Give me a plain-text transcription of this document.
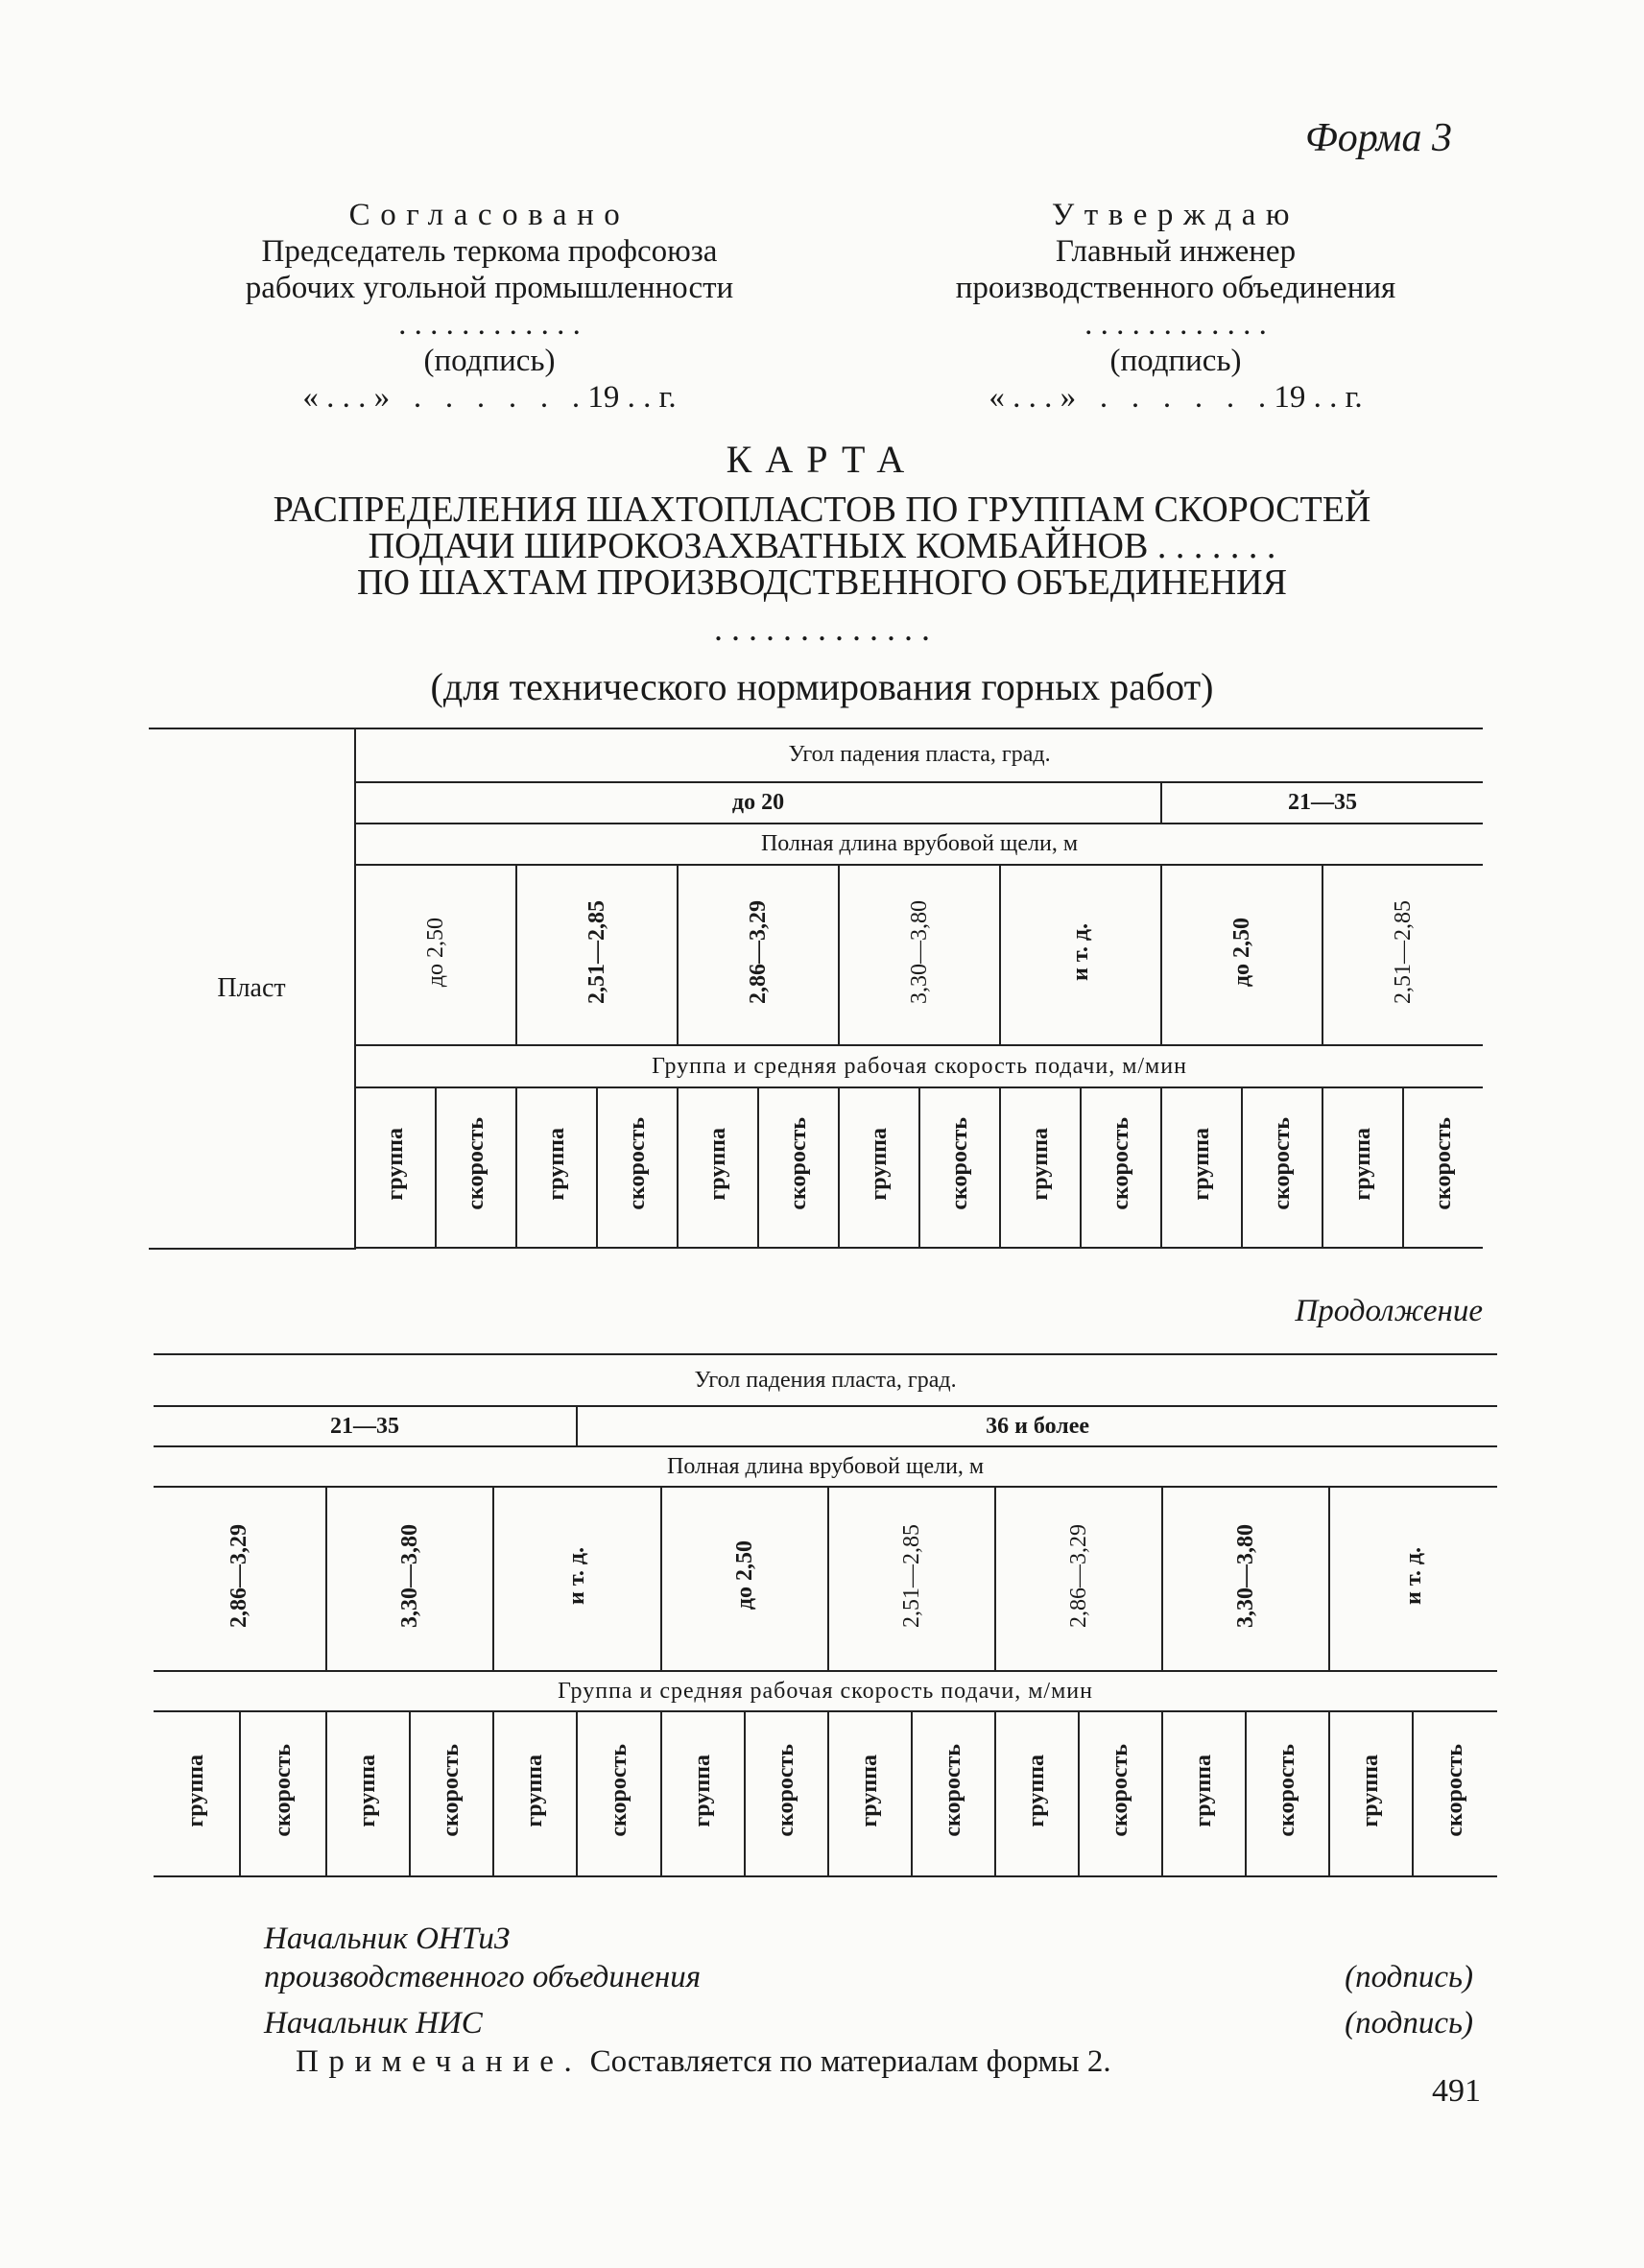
Форма 3
Согласовано
Председатель теркома профсоюза
рабочих угольной промышленности
. . . . . . . . . . . .
(подпись)
« . . . »   .   .   .   .   .   . 19 . . г.
Утверждаю
Главный инженер
производственного объединения
. . . . . . . . . . . .
(подпись)
« . . . »   .   .   .   .   .   . 19 . . г.
КАРТА
РАСПРЕДЕЛЕНИЯ ШАХТОПЛАСТОВ ПО ГРУППАМ СКОРОСТЕЙ
ПОДАЧИ ШИРОКОЗАХВАТНЫХ КОМБАЙНОВ . . . . . . .
ПО ШАХТАМ ПРОИЗВОДСТВЕННОГО ОБЪЕДИНЕНИЯ
. . . . . . . . . . . . .
(для технического нормирования горных работ)
Пласт	Угол падения пласта, град.													
	до 20										21—35			
	Полная длина врубовой щели, м													
	до 2,50		2,51—2,85		2,86—3,29		3,30—3,80		и т. д.		до 2,50		2,51—2,85	
	Группа и средняя рабочая скорость подачи, м/мин													
	группа	скорость	группа	скорость	группа	скорость	группа	скорость	группа	скорость	группа	скорость	группа	скорость

Продолжение
Угол падения пласта, град.															
21—35					36 и более										
Полная длина врубовой щели, м															
2,86—3,29		3,30—3,80		и т. д.		до 2,50		2,51—2,85		2,86—3,29		3,30—3,80		и т. д.	
Группа и средняя рабочая скорость подачи, м/мин															
группа	скорость	группа	скорость	группа	скорость	группа	скорость	группа	скорость	группа	скорость	группа	скорость	группа	скорость
Начальник ОНТиЗ
производственного объединения	(подпись)
Начальник НИС	(подпись)
Примечание. Составляется по материалам формы 2.
491
